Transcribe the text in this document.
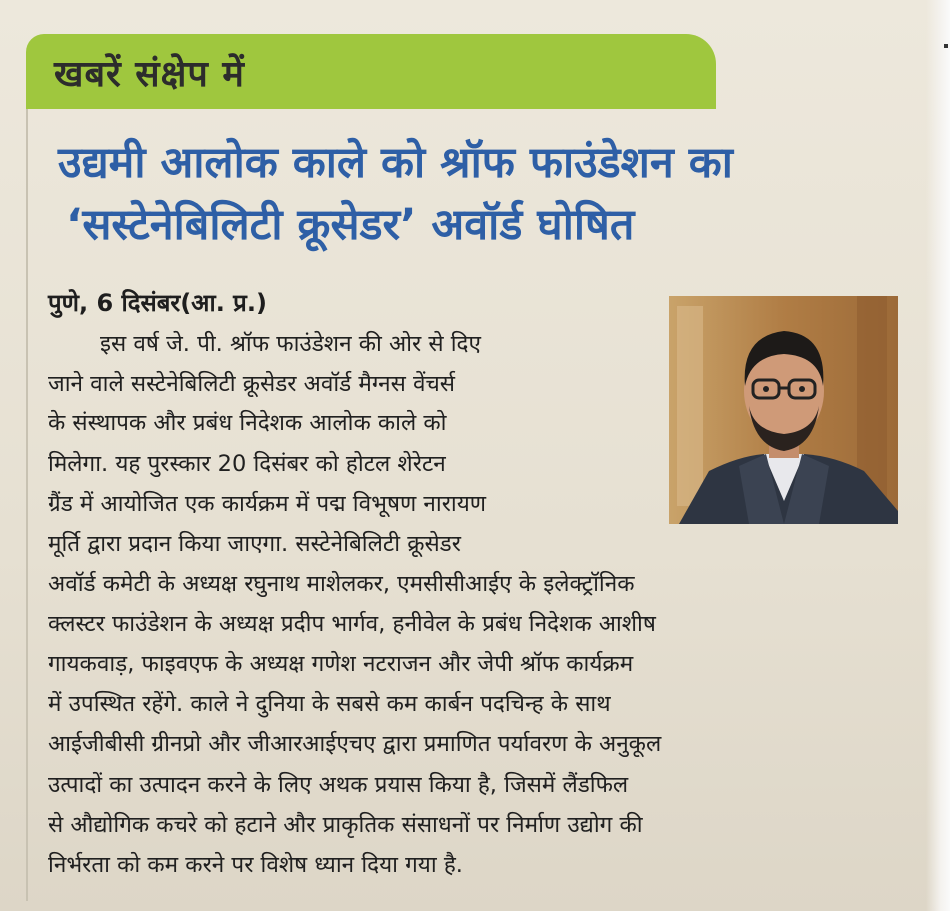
खबरें संक्षेप में
उद्यमी आलोक काले को श्रॉफ फाउंडेशन का
‘सस्टेनेबिलिटी क्रूसेडर’ अवॉर्ड घोषित
पुणे, 6 दिसंबर(आ. प्र.)
इस वर्ष जे. पी. श्रॉफ फाउंडेशन की ओर से दिए
जाने वाले सस्टेनेबिलिटी क्रूसेडर अवॉर्ड मैग्नस वेंचर्स
के संस्थापक और प्रबंध निदेशक आलोक काले को
मिलेगा. यह पुरस्कार 20 दिसंबर को होटल शेरेटन
ग्रैंड में आयोजित एक कार्यक्रम में पद्म विभूषण नारायण
मूर्ति द्वारा प्रदान किया जाएगा. सस्टेनेबिलिटी क्रूसेडर
अवॉर्ड कमेटी के अध्यक्ष रघुनाथ माशेलकर, एमसीसीआईए के इलेक्ट्रॉनिक
क्लस्टर फाउंडेशन के अध्यक्ष प्रदीप भार्गव, हनीवेल के प्रबंध निदेशक आशीष
गायकवाड़, फाइवएफ के अध्यक्ष गणेश नटराजन और जेपी श्रॉफ कार्यक्रम
में उपस्थित रहेंगे. काले ने दुनिया के सबसे कम कार्बन पदचिन्ह के साथ
आईजीबीसी ग्रीनप्रो और जीआरआईएचए द्वारा प्रमाणित पर्यावरण के अनुकूल
उत्पादों का उत्पादन करने के लिए अथक प्रयास किया है, जिसमें लैंडफिल
से औद्योगिक कचरे को हटाने और प्राकृतिक संसाधनों पर निर्माण उद्योग की
निर्भरता को कम करने पर विशेष ध्यान दिया गया है.
